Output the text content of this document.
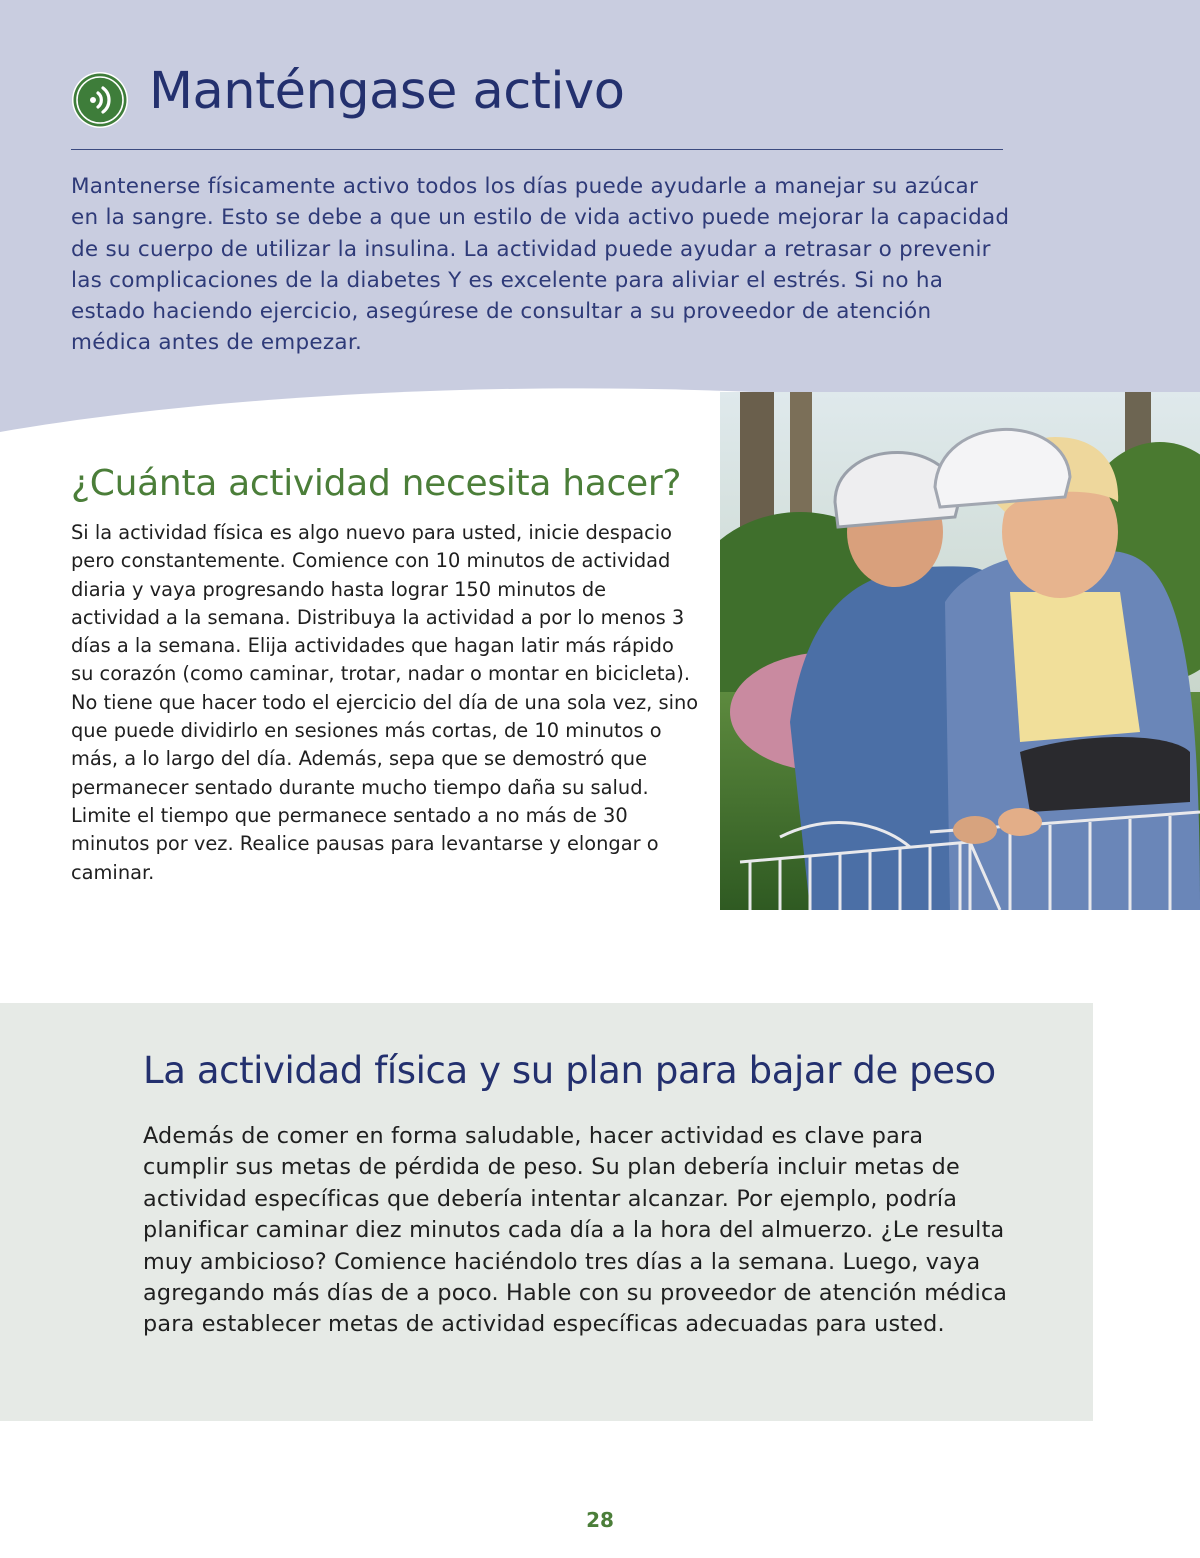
Manténgase activo

Mantenerse físicamente activo todos los días puede ayudarle a manejar su azúcar en la sangre. Esto se debe a que un estilo de vida activo puede mejorar la capacidad de su cuerpo de utilizar la insulina. La actividad puede ayudar a retrasar o prevenir las complicaciones de la diabetes Y es excelente para aliviar el estrés. Si no ha estado haciendo ejercicio, asegúrese de consultar a su proveedor de atención médica antes de empezar.

¿Cuánta actividad necesita hacer?

Si la actividad física es algo nuevo para usted, inicie despacio pero constantemente. Comience con 10 minutos de actividad diaria y vaya progresando hasta lograr 150 minutos de actividad a la semana. Distribuya la actividad a por lo menos 3 días a la semana. Elija actividades que hagan latir más rápido su corazón (como caminar, trotar, nadar o montar en bicicleta). No tiene que hacer todo el ejercicio del día de una sola vez, sino que puede dividirlo en sesiones más cortas, de 10 minutos o más, a lo largo del día. Además, sepa que se demostró que permanecer sentado durante mucho tiempo daña su salud. Limite el tiempo que permanece sentado a no más de 30 minutos por vez. Realice pausas para levantarse y elongar o caminar.

La actividad física y su plan para bajar de peso

Además de comer en forma saludable, hacer actividad es clave para cumplir sus metas de pérdida de peso. Su plan debería incluir metas de actividad específicas que debería intentar alcanzar. Por ejemplo, podría planificar caminar diez minutos cada día a la hora del almuerzo. ¿Le resulta muy ambicioso? Comience haciéndolo tres días a la semana. Luego, vaya agregando más días de a poco. Hable con su proveedor de atención médica para establecer metas de actividad específicas adecuadas para usted.

28
